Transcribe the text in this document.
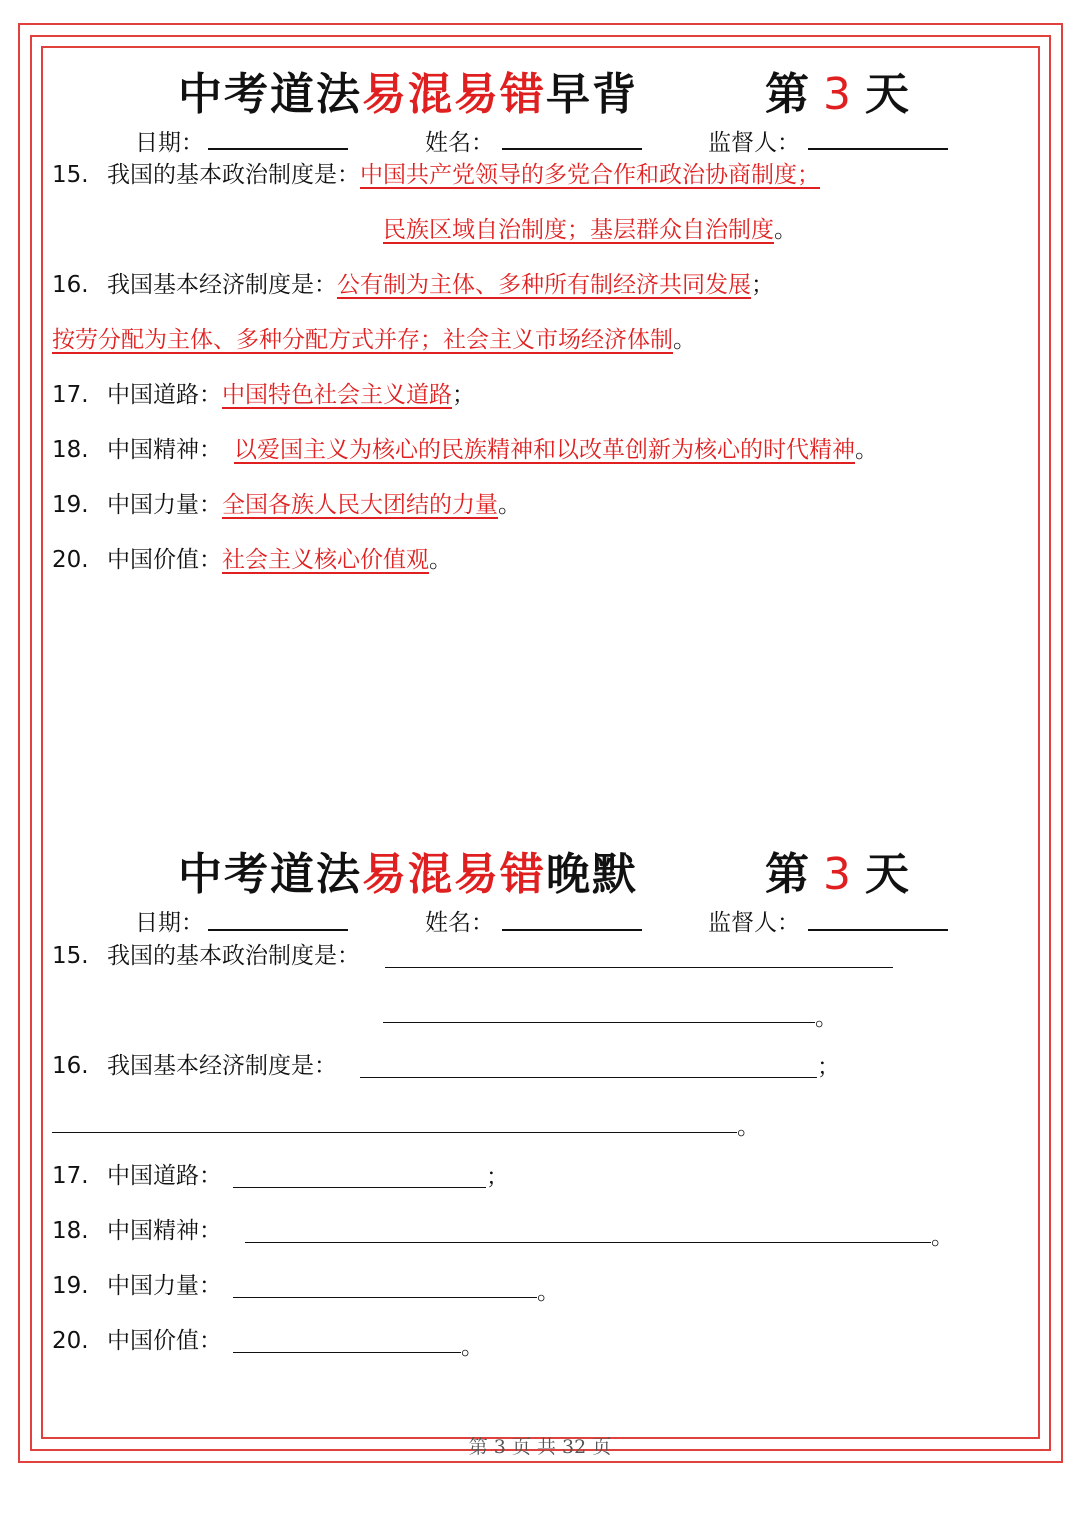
中考道法易混易错早背	第 3 天
日期：	姓名：	监督人：
15. 我国的基本政治制度是：中国共产党领导的多党合作和政治协商制度；
民族区域自治制度；基层群众自治制度。
16. 我国基本经济制度是：公有制为主体、多种所有制经济共同发展；
按劳分配为主体、多种分配方式并存；社会主义市场经济体制。
17. 中国道路：中国特色社会主义道路；
18. 中国精神： 以爱国主义为核心的民族精神和以改革创新为核心的时代精神。
19. 中国力量：全国各族人民大团结的力量。
20. 中国价值：社会主义核心价值观。
中考道法易混易错晚默	第 3 天
日期：	姓名：	监督人：
15. 我国的基本政治制度是：
。
16. 我国基本经济制度是：	；
。
17. 中国道路：	；
18. 中国精神：	。
19. 中国力量：	。
20. 中国价值：	。
第 3 页 共 32 页
